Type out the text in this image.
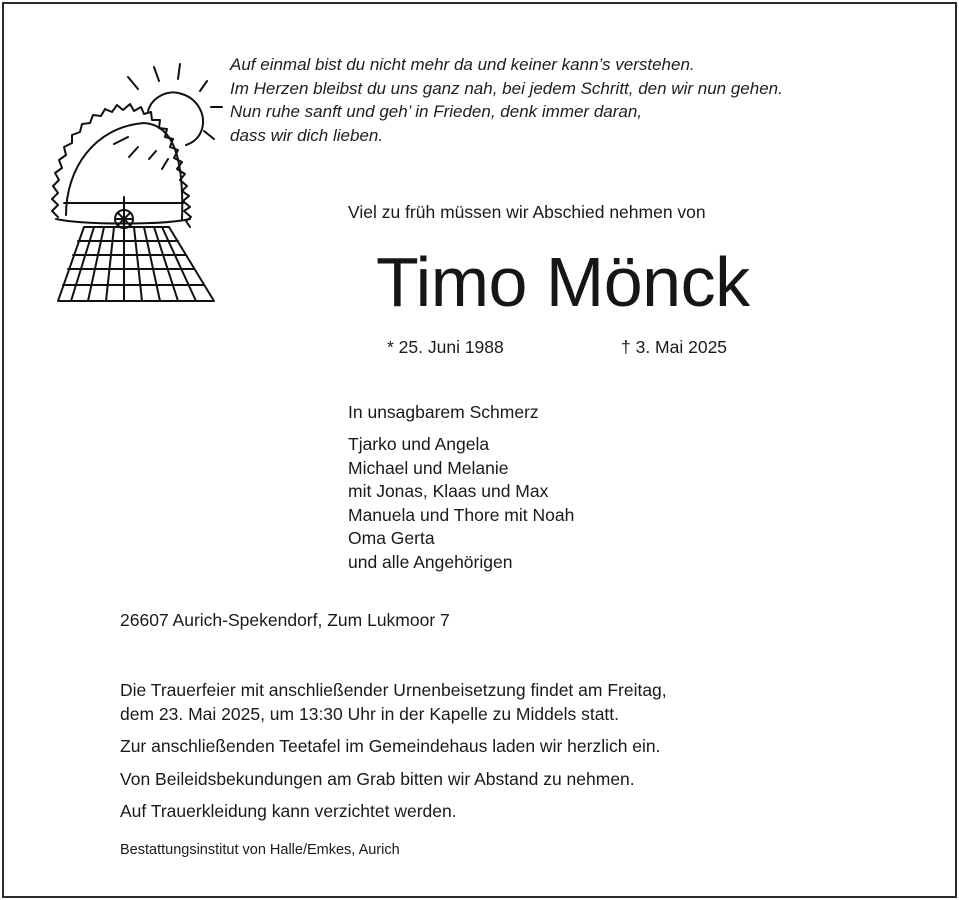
Auf einmal bist du nicht mehr da und keiner kann’s verstehen.
Im Herzen bleibst du uns ganz nah, bei jedem Schritt, den wir nun gehen.
Nun ruhe sanft und geh’ in Frieden, denk immer daran,
dass wir dich lieben.
Viel zu früh müssen wir Abschied nehmen von
Timo Mönck
* 25. Juni 1988	† 3. Mai 2025
In unsagbarem Schmerz
Tjarko und Angela
Michael und Melanie
mit Jonas, Klaas und Max
Manuela und Thore mit Noah
Oma Gerta
und alle Angehörigen
26607 Aurich-Spekendorf, Zum Lukmoor 7
Die Trauerfeier mit anschließender Urnenbeisetzung findet am Freitag,
dem 23. Mai 2025, um 13:30 Uhr in der Kapelle zu Middels statt.
Zur anschließenden Teetafel im Gemeindehaus laden wir herzlich ein.
Von Beileidsbekundungen am Grab bitten wir Abstand zu nehmen.
Auf Trauerkleidung kann verzichtet werden.
Bestattungsinstitut von Halle/Emkes, Aurich
